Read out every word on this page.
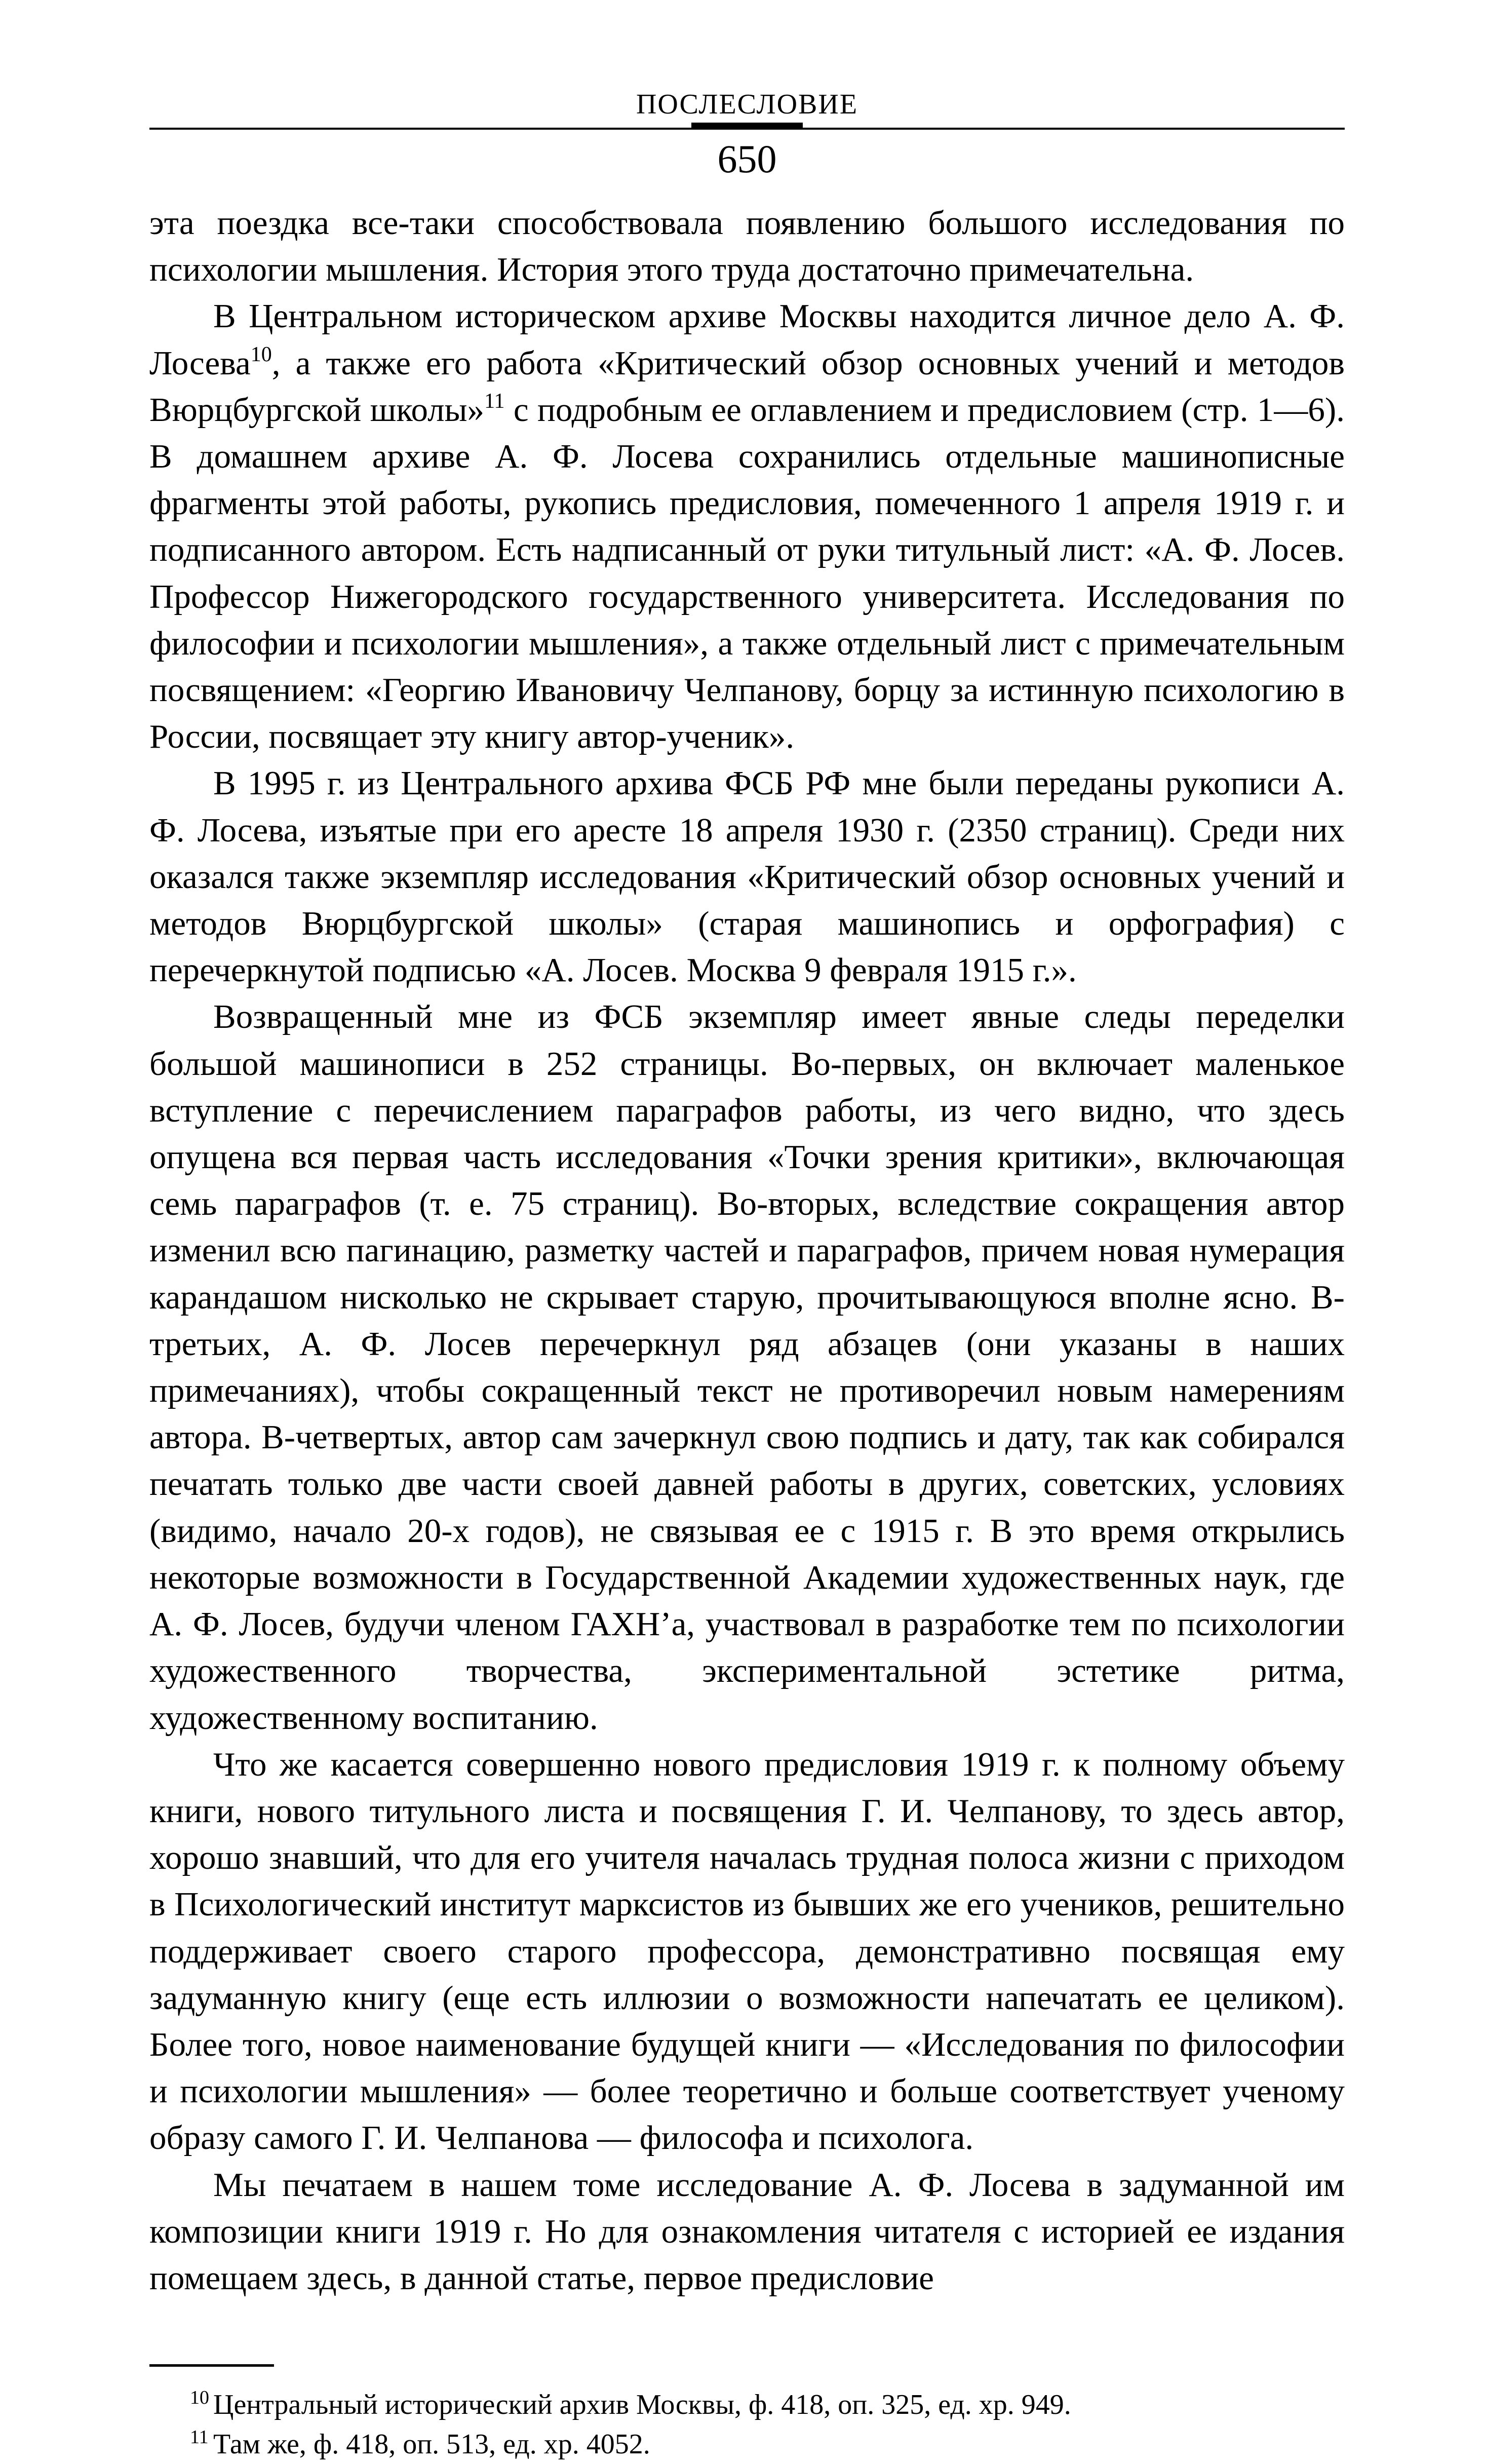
ПОСЛЕСЛОВИЕ
650

эта поездка все-таки способствовала появлению большого исследования по психологии мышления. История этого труда достаточно примечательна.

В Центральном историческом архиве Москвы находится личное дело А. Ф. Лосева$^{10}$, а также его работа «Критический обзор основных учений и методов Вюрцбургской школы»$^{11}$ с подробным ее оглавлением и предисловием (стр. 1—6). В домашнем архиве А. Ф. Лосева сохранились отдельные машинописные фрагменты этой работы, рукопись предисловия, помеченного 1 апреля 1919 г. и подписанного автором. Есть надписанный от руки титульный лист: «А. Ф. Лосев. Профессор Нижегородского государственного университета. Исследования по философии и психологии мышления», а также отдельный лист с примечательным посвящением: «Георгию Ивановичу Челпанову, борцу за истинную психологию в России, посвящает эту книгу автор-ученик».

В 1995 г. из Центрального архива ФСБ РФ мне были переданы рукописи А. Ф. Лосева, изъятые при его аресте 18 апреля 1930 г. (2350 страниц). Среди них оказался также экземпляр исследования «Критический обзор основных учений и методов Вюрцбургской школы» (старая машинопись и орфография) с перечеркнутой подписью «А. Лосев. Москва 9 февраля 1915 г.».

Возвращенный мне из ФСБ экземпляр имеет явные следы переделки большой машинописи в 252 страницы. Во-первых, он включает маленькое вступление с перечислением параграфов работы, из чего видно, что здесь опущена вся первая часть исследования «Точки зрения критики», включающая семь параграфов (т. е. 75 страниц). Во-вторых, вследствие сокращения автор изменил всю пагинацию, разметку частей и параграфов, причем новая нумерация карандашом нисколько не скрывает старую, прочитывающуюся вполне ясно. В-третьих, А. Ф. Лосев перечеркнул ряд абзацев (они указаны в наших примечаниях), чтобы сокращенный текст не противоречил новым намерениям автора. В-четвертых, автор сам зачеркнул свою подпись и дату, так как собирался печатать только две части своей давней работы в других, советских, условиях (видимо, начало 20-х годов), не связывая ее с 1915 г. В это время открылись некоторые возможности в Государственной Академии художественных наук, где А. Ф. Лосев, будучи членом ГАХН’а, участвовал в разработке тем по психологии художественного творчества, экспериментальной эстетике ритма, художественному воспитанию.

Что же касается совершенно нового предисловия 1919 г. к полному объему книги, нового титульного листа и посвящения Г. И. Челпанову, то здесь автор, хорошо знавший, что для его учителя началась трудная полоса жизни с приходом в Психологический институт марксистов из бывших же его учеников, решительно поддерживает своего старого профессора, демонстративно посвящая ему задуманную книгу (еще есть иллюзии о возможности напечатать ее целиком). Более того, новое наименование будущей книги — «Исследования по философии и психологии мышления» — более теоретично и больше соответствует ученому образу самого Г. И. Челпанова — философа и психолога.

Мы печатаем в нашем томе исследование А. Ф. Лосева в задуманной им композиции книги 1919 г. Но для ознакомления читателя с историей ее издания помещаем здесь, в данной статье, первое предисловие

10 Центральный исторический архив Москвы, ф. 418, оп. 325, ед. хр. 949.
11 Там же, ф. 418, оп. 513, ед. хр. 4052.
